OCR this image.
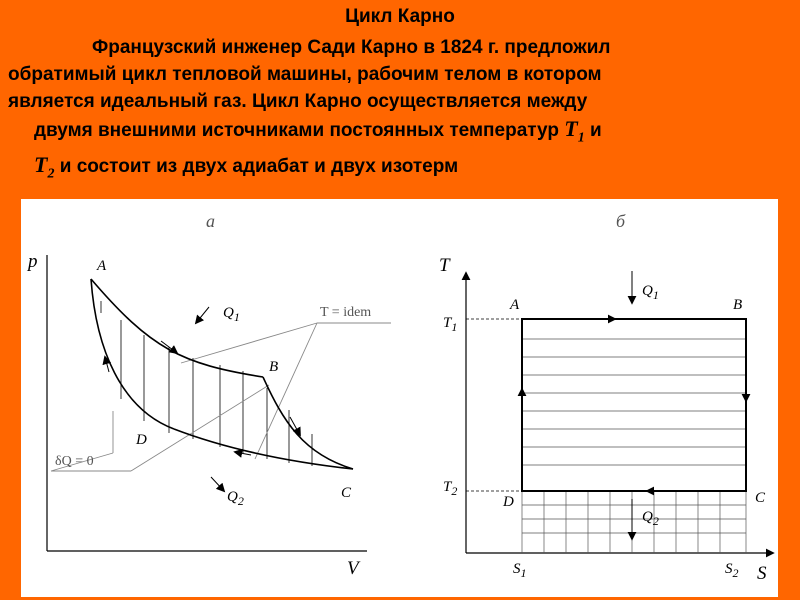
Цикл Карно
Французский инженер Сади Карно в 1824 г. предложил
обратимый цикл тепловой машины, рабочим телом в котором
является идеальный газ. Цикл Карно осуществляется между
двумя внешними источниками постоянных температур $T_1$ и
$T_2$ и состоит из двух адиабат и двух изотерм
а
p
V
A
B
C
D
$Q_1$
$Q_2$
T = idem
δQ = 0
б
T
S
A	B
C
D
$T_1$
$T_2$
$S_1$	$S_2$
$Q_1$
$Q_2$
